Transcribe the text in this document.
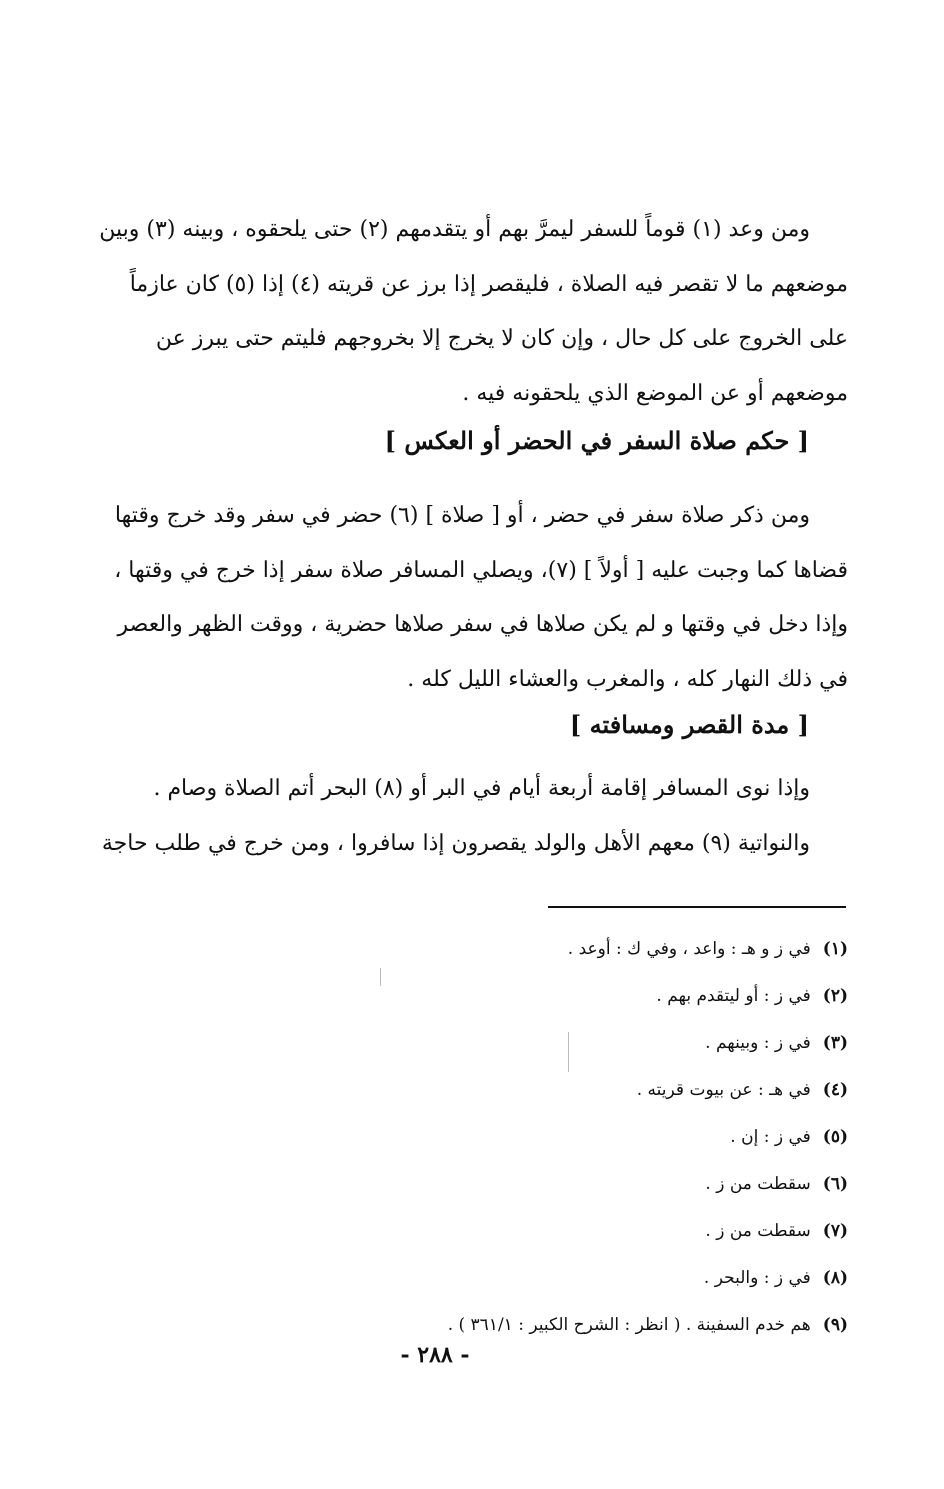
ومن وعد (١) قوماً للسفر ليمرَّ بهم أو يتقدمهم (٢) حتى يلحقوه ، وبينه (٣) وبين
موضعهم ما لا تقصر فيه الصلاة ، فليقصر إذا برز عن قريته (٤) إذا (٥) كان عازماً
على الخروج على كل حال ، وإن كان لا يخرج إلا بخروجهم فليتم حتى يبرز عن
موضعهم أو عن الموضع الذي يلحقونه فيه .
[ حكم صلاة السفر في الحضر أو العكس ]
ومن ذكر صلاة سفر في حضر ، أو [ صلاة ] (٦) حضر في سفر وقد خرج وقتها
قضاها كما وجبت عليه [ أولاً ] (٧)، ويصلي المسافر صلاة سفر إذا خرج في وقتها ،
وإذا دخل في وقتها و لم يكن صلاها في سفر صلاها حضرية ، ووقت الظهر والعصر
في ذلك النهار كله ، والمغرب والعشاء الليل كله .
[ مدة القصر ومسافته ]
وإذا نوى المسافر إقامة أربعة أيام في البر أو (٨) البحر أتم الصلاة وصام .
والنواتية (٩) معهم الأهل والولد يقصرون إذا سافروا ، ومن خرج في طلب حاجة
(١)في ز و هـ : واعد ، وفي ك : أوعد .
(٢)في ز : أو ليتقدم بهم .
(٣)في ز : وبينهم .
(٤)في هـ : عن بيوت قريته .
(٥)في ز : إن .
(٦)سقطت من ز .
(٧)سقطت من ز .
(٨)في ز : والبحر .
(٩)هم خدم السفينة . ( انظر : الشرح الكبير : ٣٦١/١ ) .
- ٢٨٨ -
